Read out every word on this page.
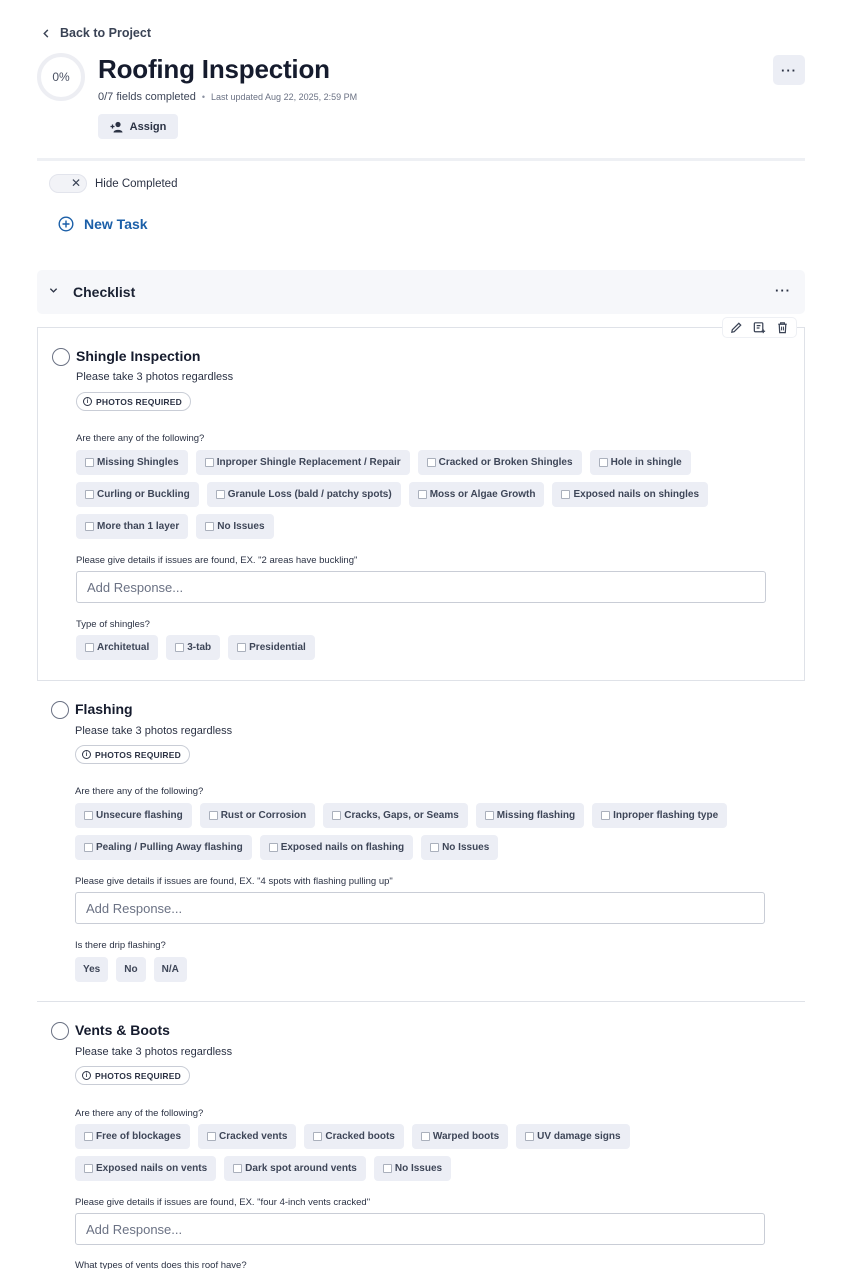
Back to Project
0% Roofing Inspection
0/7 fields completed • Last updated Aug 22, 2025, 2:59 PM
···
Assign
✕ Hide Completed
New Task
Checklist	···
Shingle Inspection
Please take 3 photos regardless
i PHOTOS REQUIRED
Are there any of the following?
Missing Shingles	Inproper Shingle Replacement / Repair	Cracked or Broken Shingles	Hole in shingle
Curling or Buckling	Granule Loss (bald / patchy spots)	Moss or Algae Growth	Exposed nails on shingles
More than 1 layer	No Issues
Please give details if issues are found, EX. "2 areas have buckling"
Add Response...
Type of shingles?
Architetual	3-tab	Presidential
Flashing
Please take 3 photos regardless
i PHOTOS REQUIRED
Are there any of the following?
Unsecure flashing	Rust or Corrosion	Cracks, Gaps, or Seams	Missing flashing	Inproper flashing type
Pealing / Pulling Away flashing	Exposed nails on flashing	No Issues
Please give details if issues are found, EX. "4 spots with flashing pulling up"
Add Response...
Is there drip flashing?
Yes No N/A
Vents & Boots
Please take 3 photos regardless
i PHOTOS REQUIRED
Are there any of the following?
Free of blockages	Cracked vents	Cracked boots	Warped boots	UV damage signs
Exposed nails on vents	Dark spot around vents	No Issues
Please give details if issues are found, EX. "four 4-inch vents cracked"
Add Response...
What types of vents does this roof have?
